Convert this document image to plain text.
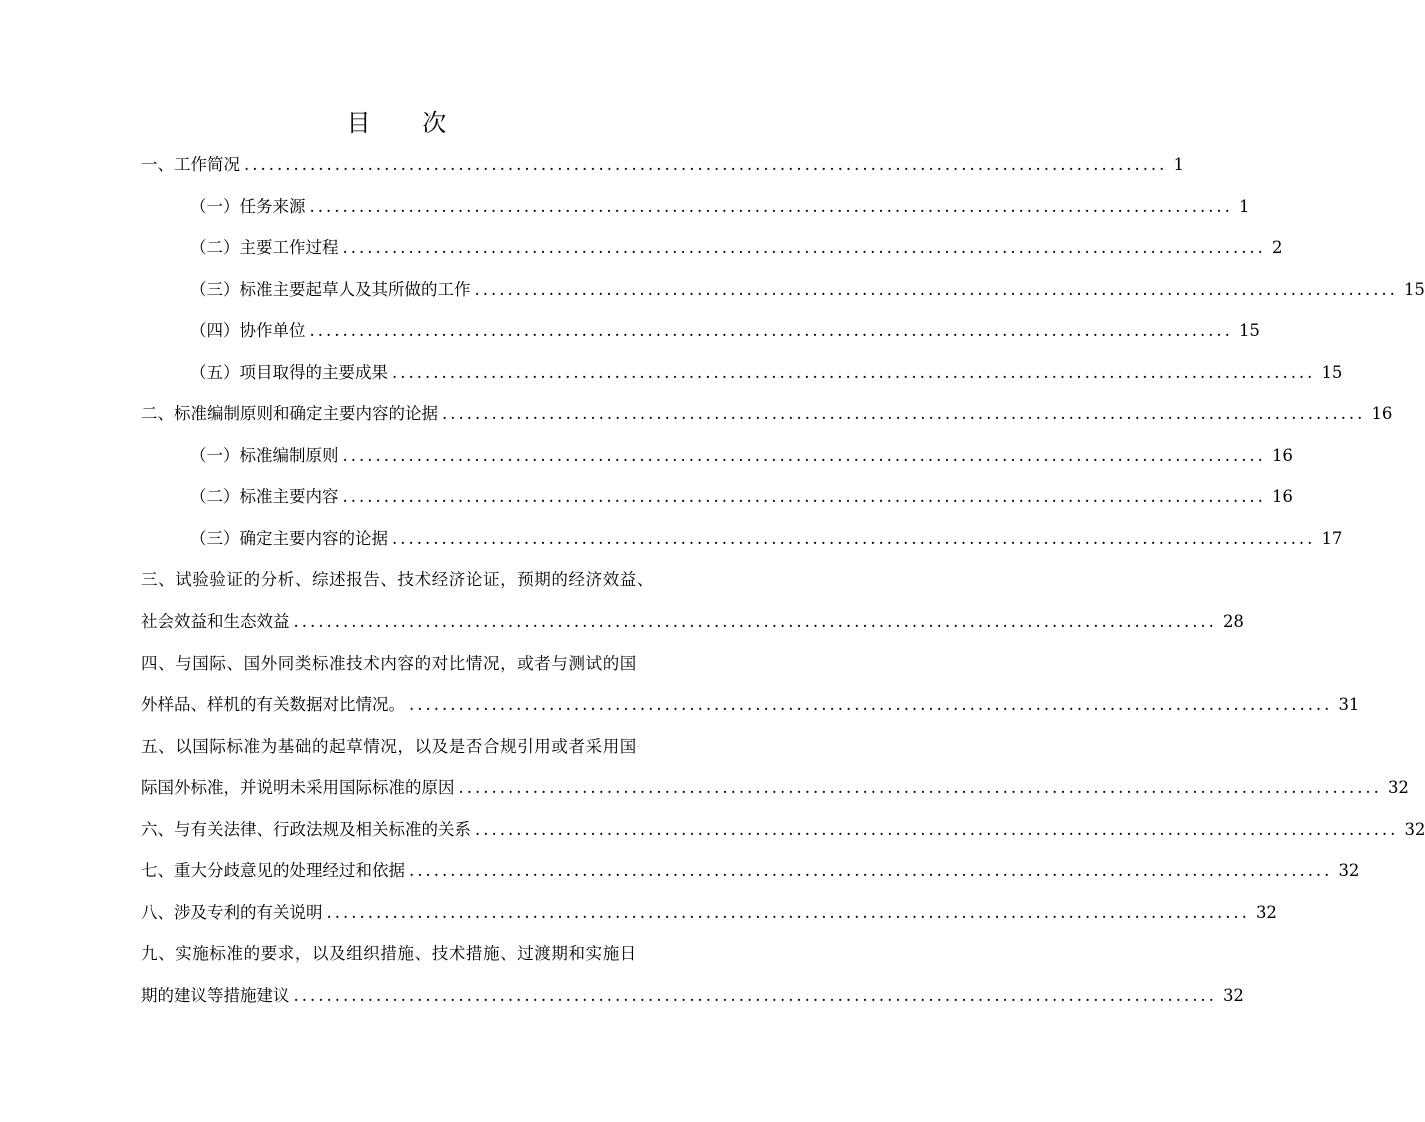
目 次
一、工作简况 ................................................................................................................ 1
（一）任务来源 ................................................................................................................ 1
（二）主要工作过程 ................................................................................................................ 2
（三）标准主要起草人及其所做的工作 ................................................................................................................ 15
（四）协作单位 ................................................................................................................ 15
（五）项目取得的主要成果 ................................................................................................................ 15
二、标准编制原则和确定主要内容的论据 ................................................................................................................ 16
（一）标准编制原则 ................................................................................................................ 16
（二）标准主要内容 ................................................................................................................ 16
（三）确定主要内容的论据 ................................................................................................................ 17
三、试验验证的分析、综述报告、技术经济论证，预期的经济效益、
社会效益和生态效益 ................................................................................................................ 28
四、与国际、国外同类标准技术内容的对比情况，或者与测试的国
外样品、样机的有关数据对比情况。 ................................................................................................................ 31
五、以国际标准为基础的起草情况，以及是否合规引用或者采用国
际国外标准，并说明未采用国际标准的原因 ................................................................................................................ 32
六、与有关法律、行政法规及相关标准的关系 ................................................................................................................ 32
七、重大分歧意见的处理经过和依据 ................................................................................................................ 32
八、涉及专利的有关说明 ................................................................................................................ 32
九、实施标准的要求，以及组织措施、技术措施、过渡期和实施日
期的建议等措施建议 ................................................................................................................ 32
